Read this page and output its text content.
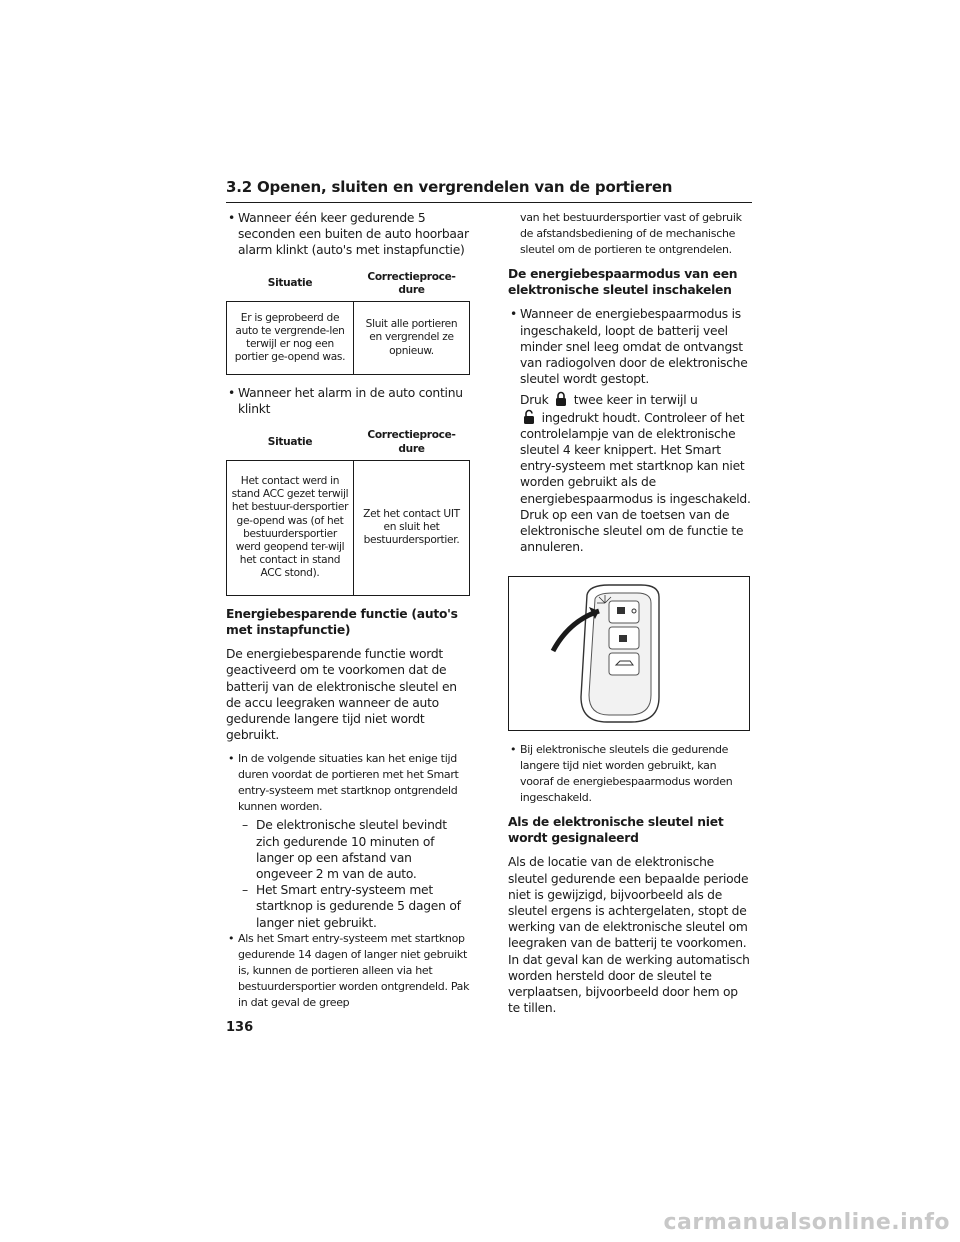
3.2 Openen, sluiten en vergrendelen van de portieren

• Wanneer één keer gedurende 5 seconden een buiten de auto hoorbaar alarm klinkt (auto's met instapfunctie)

Situatie	Correctieproce-dure
Er is geprobeerd de auto te vergrende-len terwijl er nog een portier ge-opend was.	Sluit alle portieren en vergrendel ze opnieuw.

• Wanneer het alarm in de auto continu klinkt

Situatie	Correctieproce-dure
Het contact werd in stand ACC gezet terwijl het bestuur-dersportier ge-opend was (of het bestuurdersportier werd geopend ter-wijl het contact in stand ACC stond).	Zet het contact UIT en sluit het bestuurdersportier.

Energiebesparende functie (auto's met instapfunctie)

De energiebesparende functie wordt geactiveerd om te voorkomen dat de batterij van de elektronische sleutel en de accu leegraken wanneer de auto gedurende langere tijd niet wordt gebruikt.

• In de volgende situaties kan het enige tijd duren voordat de portieren met het Smart entry-systeem met startknop ontgrendeld kunnen worden.

– De elektronische sleutel bevindt zich gedurende 10 minuten of langer op een afstand van ongeveer 2 m van de auto.

– Het Smart entry-systeem met startknop is gedurende 5 dagen of langer niet gebruikt.

• Als het Smart entry-systeem met startknop gedurende 14 dagen of langer niet gebruikt is, kunnen de portieren alleen via het bestuurdersportier worden ontgrendeld. Pak in dat geval de greep

van het bestuurdersportier vast of gebruik de afstandsbediening of de mechanische sleutel om de portieren te ontgrendelen.

De energiebespaarmodus van een elektronische sleutel inschakelen

• Wanneer de energiebespaarmodus is ingeschakeld, loopt de batterij veel minder snel leeg omdat de ontvangst van radiogolven door de elektronische sleutel wordt gestopt.

Druk twee keer in terwijl u
ingedrukt houdt. Controleer of het controlelampje van de elektronische sleutel 4 keer knippert. Het Smart entry-systeem met startknop kan niet worden gebruikt als de energiebespaarmodus is ingeschakeld. Druk op een van de toetsen van de elektronische sleutel om de functie te annuleren.

• Bij elektronische sleutels die gedurende langere tijd niet worden gebruikt, kan vooraf de energiebespaarmodus worden ingeschakeld.

Als de elektronische sleutel niet wordt gesignaleerd

Als de locatie van de elektronische sleutel gedurende een bepaalde periode niet is gewijzigd, bijvoorbeeld als de sleutel ergens is achtergelaten, stopt de werking van de elektronische sleutel om leegraken van de batterij te voorkomen. In dat geval kan de werking automatisch worden hersteld door de sleutel te verplaatsen, bijvoorbeeld door hem op te tillen.

136
carmanualsonline.info
